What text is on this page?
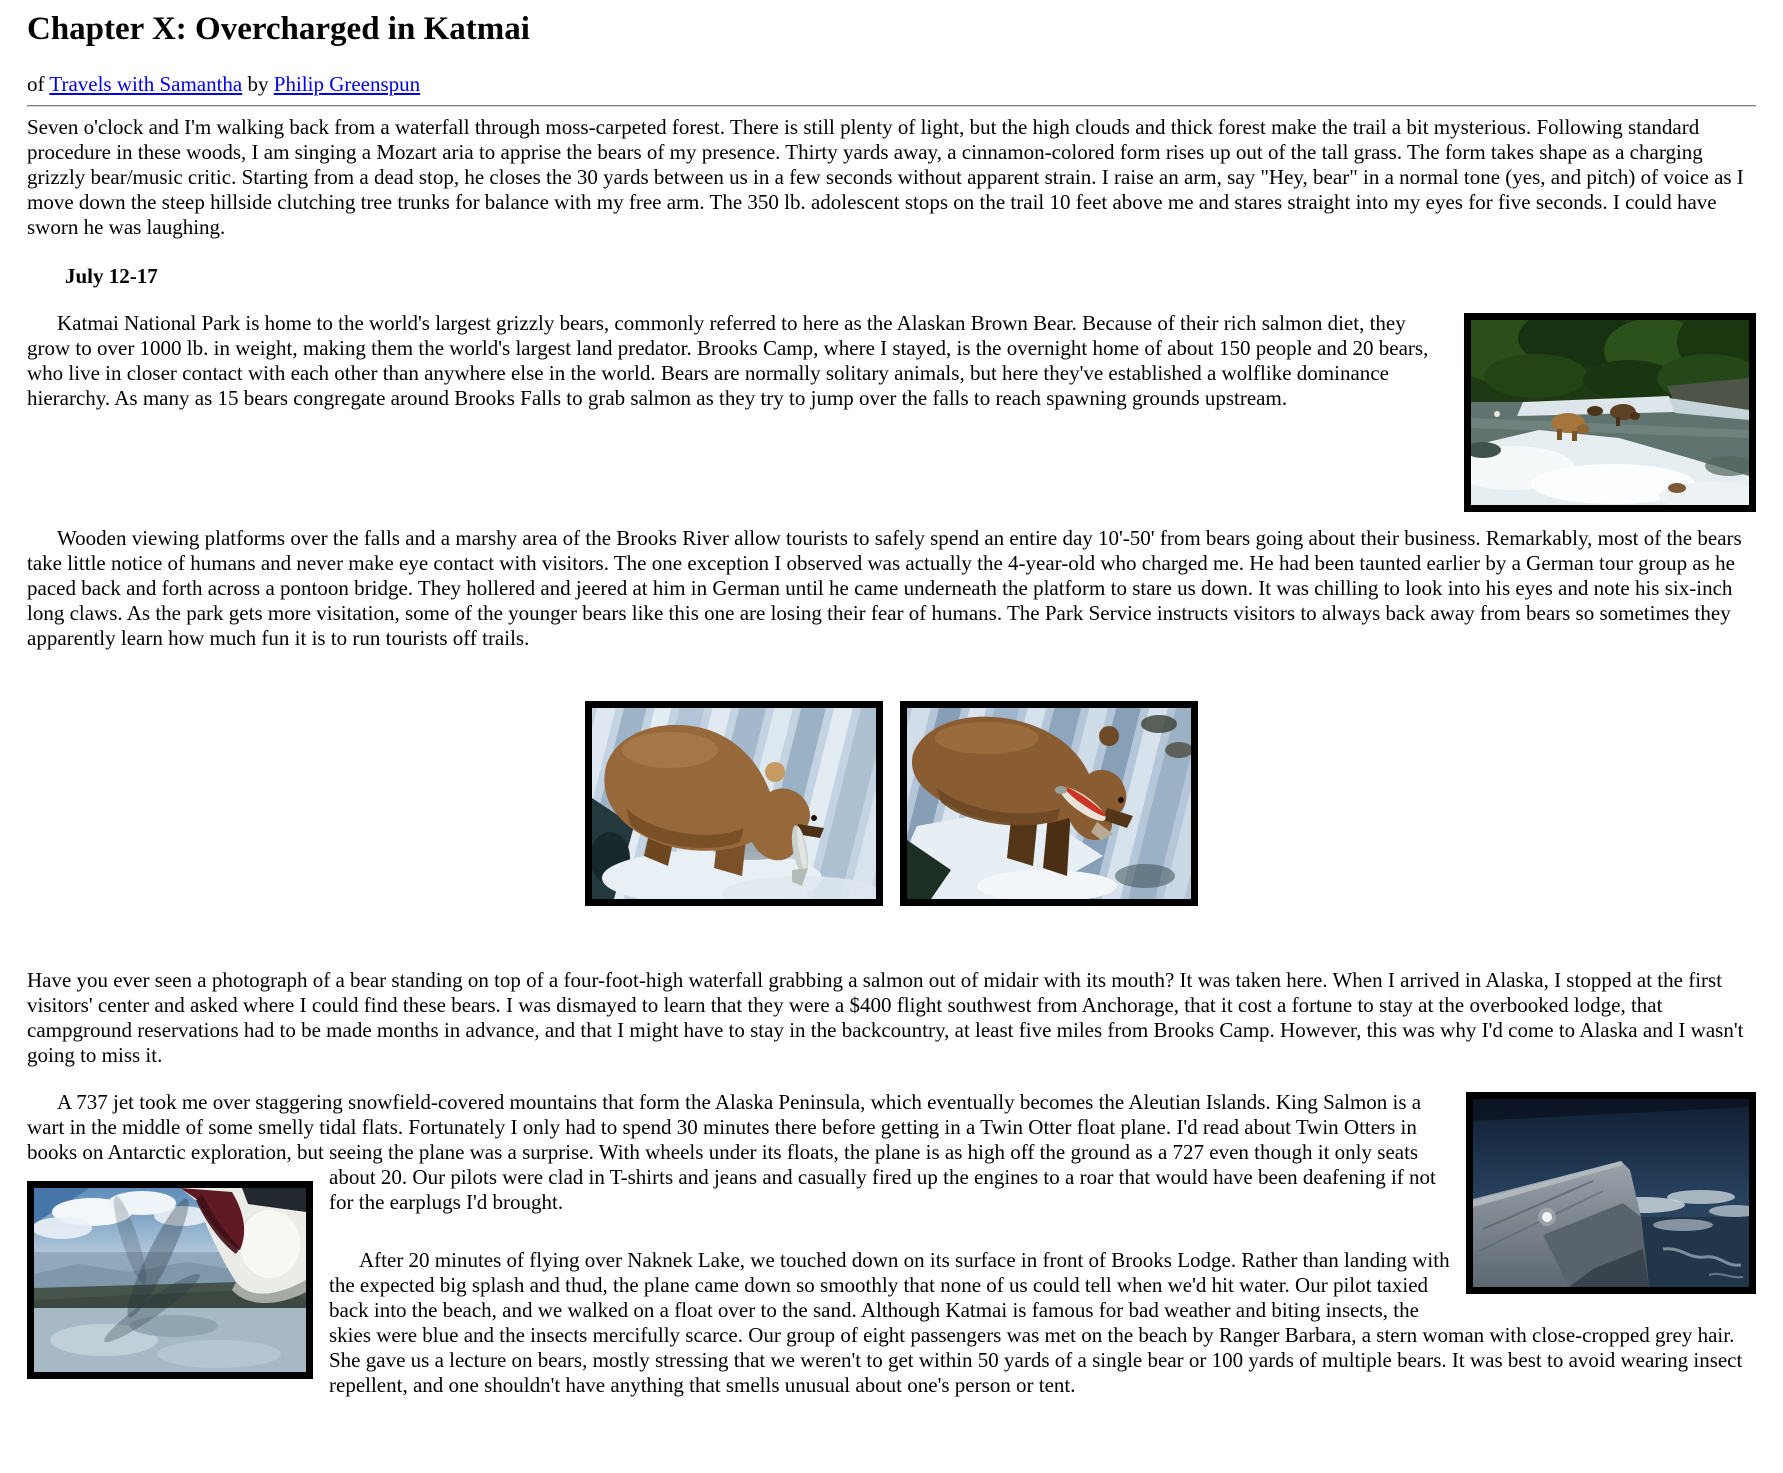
Chapter X: Overcharged in Katmai

of Travels with Samantha by Philip Greenspun

Seven o'clock and I'm walking back from a waterfall through moss-carpeted forest. There is still plenty of light, but the high clouds and thick forest make the trail a bit mysterious. Following standard procedure in these woods, I am singing a Mozart aria to apprise the bears of my presence. Thirty yards away, a cinnamon-colored form rises up out of the tall grass. The form takes shape as a charging grizzly bear/music critic. Starting from a dead stop, he closes the 30 yards between us in a few seconds without apparent strain. I raise an arm, say "Hey, bear" in a normal tone (yes, and pitch) of voice as I move down the steep hillside clutching tree trunks for balance with my free arm. The 350 lb. adolescent stops on the trail 10 feet above me and stares straight into my eyes for five seconds. I could have sworn he was laughing.

July 12-17

Katmai National Park is home to the world's largest grizzly bears, commonly referred to here as the Alaskan Brown Bear. Because of their rich salmon diet, they grow to over 1000 lb. in weight, making them the world's largest land predator. Brooks Camp, where I stayed, is the overnight home of about 150 people and 20 bears, who live in closer contact with each other than anywhere else in the world. Bears are normally solitary animals, but here they've established a wolflike dominance hierarchy. As many as 15 bears congregate around Brooks Falls to grab salmon as they try to jump over the falls to reach spawning grounds upstream.

Wooden viewing platforms over the falls and a marshy area of the Brooks River allow tourists to safely spend an entire day 10'-50' from bears going about their business. Remarkably, most of the bears take little notice of humans and never make eye contact with visitors. The one exception I observed was actually the 4-year-old who charged me. He had been taunted earlier by a German tour group as he paced back and forth across a pontoon bridge. They hollered and jeered at him in German until he came underneath the platform to stare us down. It was chilling to look into his eyes and note his six-inch long claws. As the park gets more visitation, some of the younger bears like this one are losing their fear of humans. The Park Service instructs visitors to always back away from bears so sometimes they apparently learn how much fun it is to run tourists off trails.

Have you ever seen a photograph of a bear standing on top of a four-foot-high waterfall grabbing a salmon out of midair with its mouth? It was taken here. When I arrived in Alaska, I stopped at the first visitors' center and asked where I could find these bears. I was dismayed to learn that they were a $400 flight southwest from Anchorage, that it cost a fortune to stay at the overbooked lodge, that campground reservations had to be made months in advance, and that I might have to stay in the backcountry, at least five miles from Brooks Camp. However, this was why I'd come to Alaska and I wasn't going to miss it.

A 737 jet took me over staggering snowfield-covered mountains that form the Alaska Peninsula, which eventually becomes the Aleutian Islands. King Salmon is a wart in the middle of some smelly tidal flats. Fortunately I only had to spend 30 minutes there before getting in a Twin Otter float plane. I'd read about Twin Otters in books on Antarctic exploration, but seeing the plane was a surprise. With wheels under its floats, the plane is as high off the ground as a 727 even though it only seats about 20. Our pilots were clad in T-shirts and jeans and casually fired up the engines to a roar that would have been deafening if not for the earplugs I'd brought.

After 20 minutes of flying over Naknek Lake, we touched down on its surface in front of Brooks Lodge. Rather than landing with the expected big splash and thud, the plane came down so smoothly that none of us could tell when we'd hit water. Our pilot taxied back into the beach, and we walked on a float over to the sand. Although Katmai is famous for bad weather and biting insects, the skies were blue and the insects mercifully scarce. Our group of eight passengers was met on the beach by Ranger Barbara, a stern woman with close-cropped grey hair. She gave us a lecture on bears, mostly stressing that we weren't to get within 50 yards of a single bear or 100 yards of multiple bears. It was best to avoid wearing insect repellent, and one shouldn't have anything that smells unusual about one's person or tent.
